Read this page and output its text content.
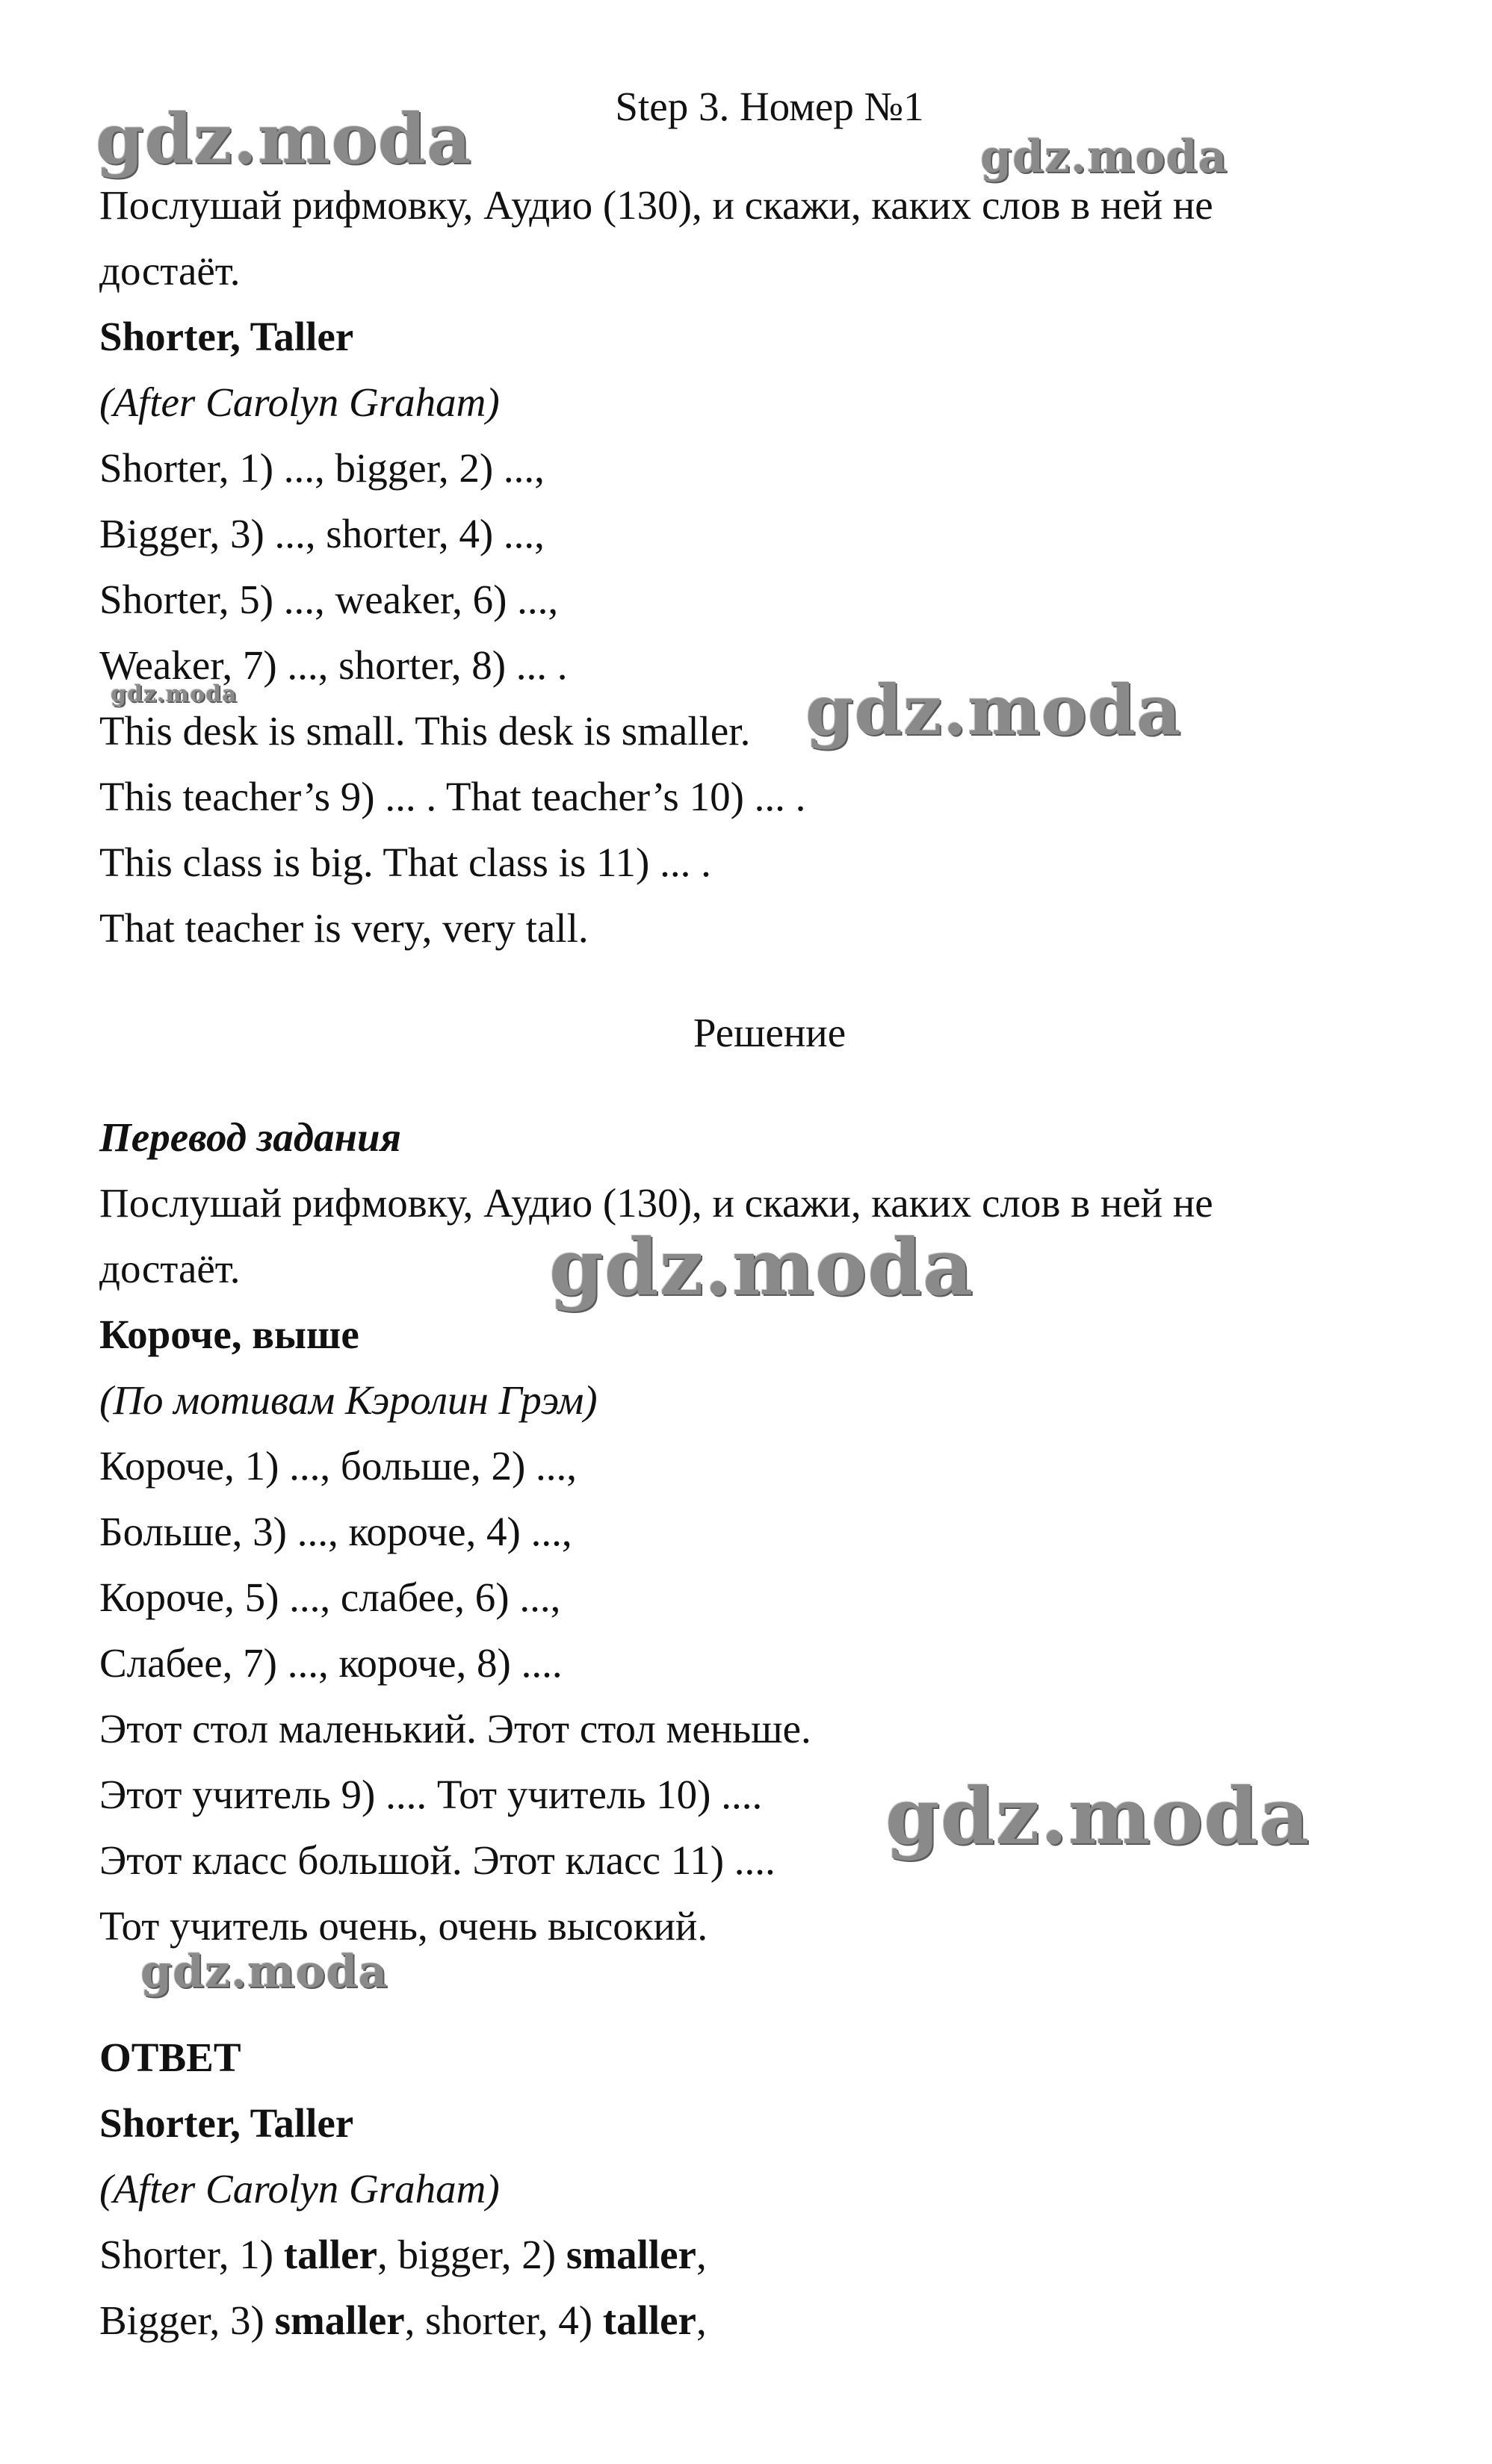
Step 3. Номер №1

Послушай рифмовку, Аудио (130), и скажи, каких слов в ней не

достаёт.

Shorter, Taller

(After Carolyn Graham)

Shorter, 1) ..., bigger, 2) ...,

Bigger, 3) ..., shorter, 4) ...,

Shorter, 5) ..., weaker, 6) ...,

Weaker, 7) ..., shorter, 8) ... .

This desk is small. This desk is smaller.

This teacher’s 9) ... . That teacher’s 10) ... .

This class is big. That class is 11) ... .

That teacher is very, very tall.

Решение

Перевод задания

Послушай рифмовку, Аудио (130), и скажи, каких слов в ней не

достаёт.

Короче, выше

(По мотивам Кэролин Грэм)

Короче, 1) ..., больше, 2) ...,

Больше, 3) ..., короче, 4) ...,

Короче, 5) ..., слабее, 6) ...,

Слабее, 7) ..., короче, 8) ....

Этот стол маленький. Этот стол меньше.

Этот учитель 9) .... Тот учитель 10) ....

Этот класс большой. Этот класс 11) ....

Тот учитель очень, очень высокий.

ОТВЕТ

Shorter, Taller

(After Carolyn Graham)

Shorter, 1) taller, bigger, 2) smaller,

Bigger, 3) smaller, shorter, 4) taller,

gdz.moda	gdz.moda
gdz.moda	gdz.moda
gdz.moda
gdz.moda
gdz.moda
